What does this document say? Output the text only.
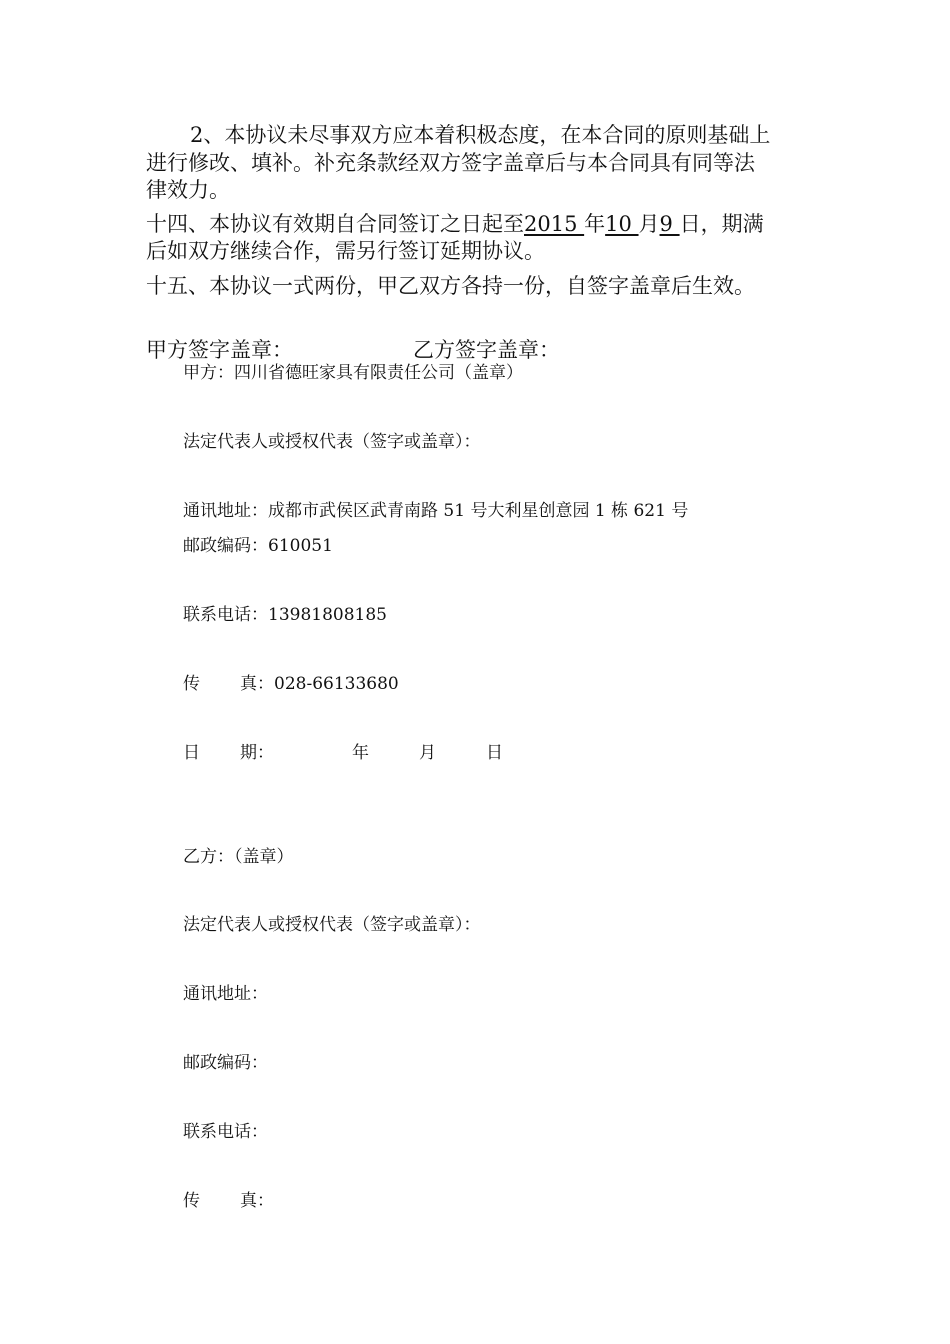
2、本协议未尽事双方应本着积极态度，在本合同的原则基础上
进行修改、填补。补充条款经双方签字盖章后与本合同具有同等法
律效力。
十四、本协议有效期自合同签订之日起至2015 年10 月9 日，期满
后如双方继续合作，需另行签订延期协议。
十五、本协议一式两份，甲乙双方各持一份，自签字盖章后生效。
甲方签字盖章：	乙方签字盖章：
甲方：四川省德旺家具有限责任公司（盖章）
法定代表人或授权代表（签字或盖章）：
通讯地址：成都市武侯区武青南路 51 号大利星创意园 1 栋 621 号
邮政编码：610051
联系电话：13981808185
传 真：028-66133680
日 期：	年	月	日
乙方：（盖章）
法定代表人或授权代表（签字或盖章）：
通讯地址：
邮政编码：
联系电话：
传 真：
